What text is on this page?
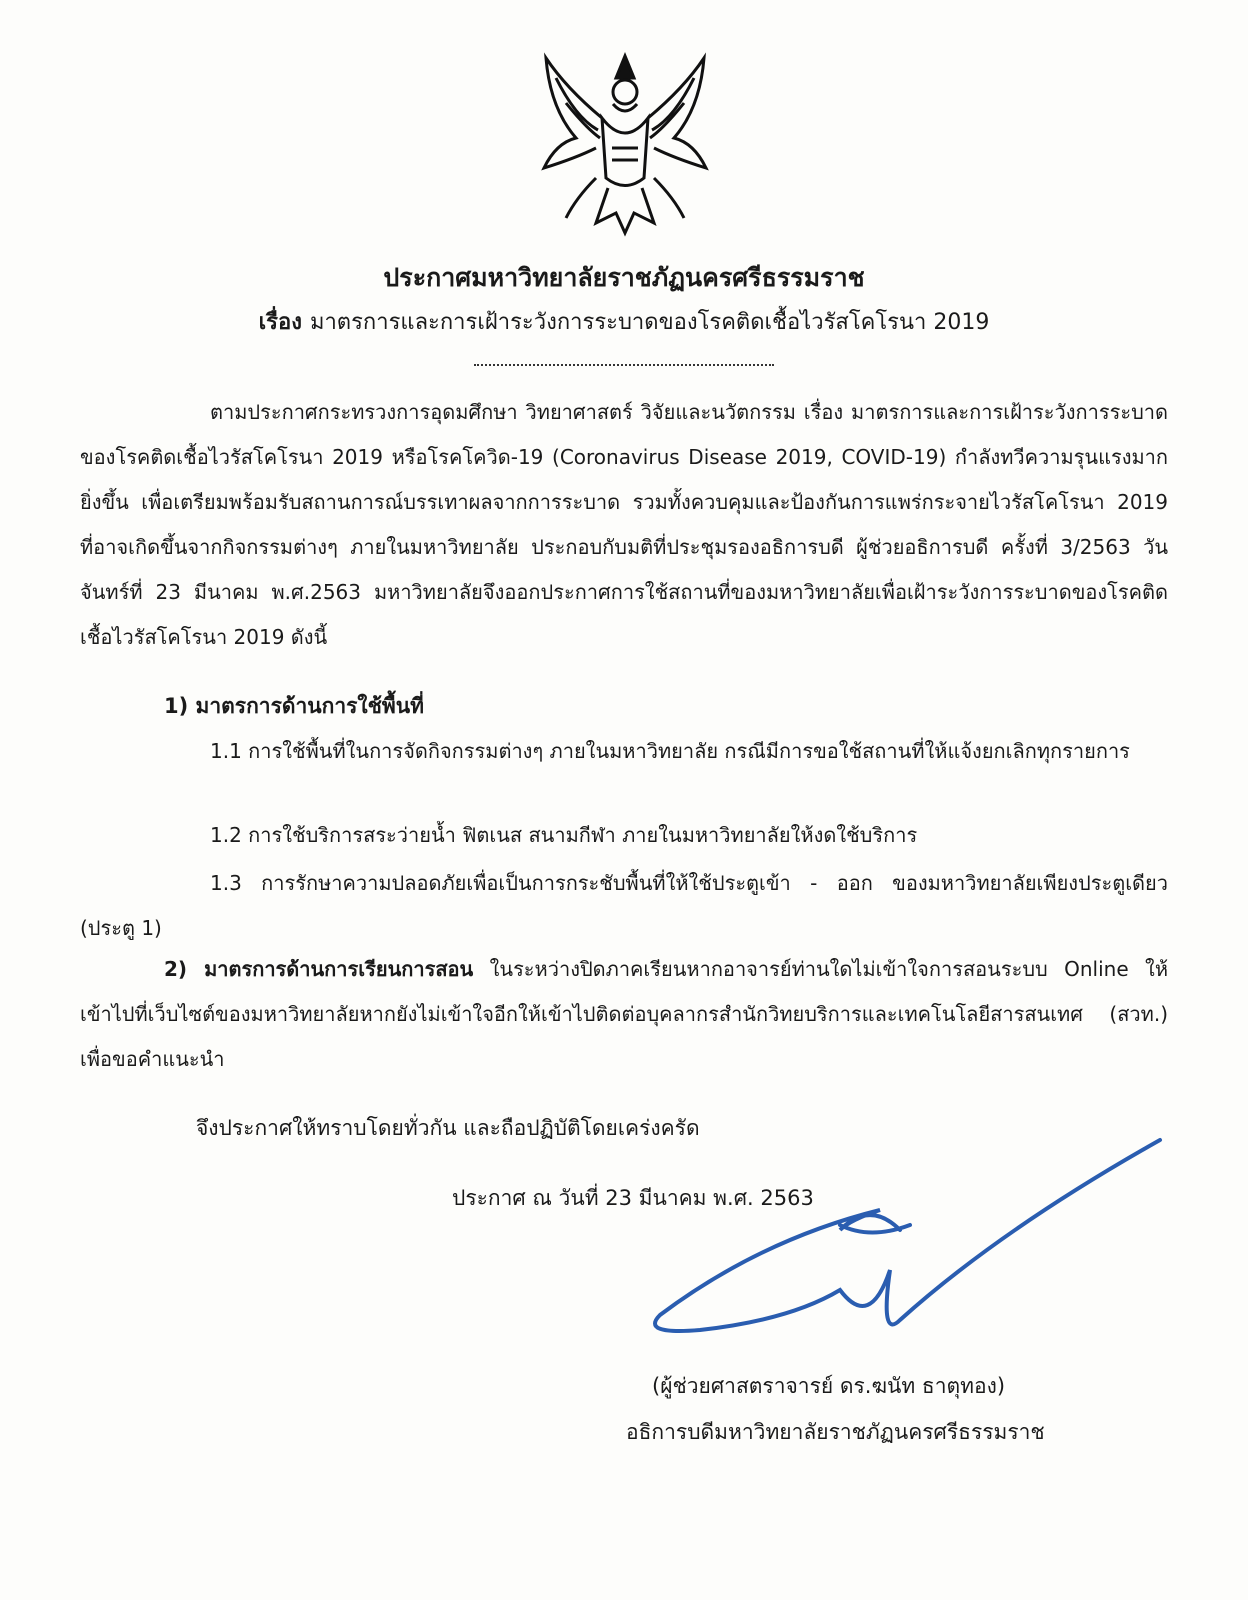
ประกาศมหาวิทยาลัยราชภัฏนครศรีธรรมราช
เรื่อง มาตรการและการเฝ้าระวังการระบาดของโรคติดเชื้อไวรัสโคโรนา 2019
ตามประกาศกระทรวงการอุดมศึกษา วิทยาศาสตร์ วิจัยและนวัตกรรม เรื่อง มาตรการและการเฝ้าระวังการระบาดของโรคติดเชื้อไวรัสโคโรนา 2019 หรือโรคโควิด-19 (Coronavirus Disease 2019, COVID-19) กำลังทวีความรุนแรงมากยิ่งขึ้น เพื่อเตรียมพร้อมรับสถานการณ์บรรเทาผลจากการระบาด รวมทั้งควบคุมและป้องกันการแพร่กระจายไวรัสโคโรนา 2019 ที่อาจเกิดขึ้นจากกิจกรรมต่างๆ ภายในมหาวิทยาลัย ประกอบกับมติที่ประชุมรองอธิการบดี ผู้ช่วยอธิการบดี ครั้งที่ 3/2563 วันจันทร์ที่ 23 มีนาคม พ.ศ.2563 มหาวิทยาลัยจึงออกประกาศการใช้สถานที่ของมหาวิทยาลัยเพื่อเฝ้าระวังการระบาดของโรคติดเชื้อไวรัสโคโรนา 2019 ดังนี้
1) มาตรการด้านการใช้พื้นที่
1.1 การใช้พื้นที่ในการจัดกิจกรรมต่างๆ ภายในมหาวิทยาลัย กรณีมีการขอใช้สถานที่ให้แจ้งยกเลิกทุกรายการ
1.2 การใช้บริการสระว่ายน้ำ ฟิตเนส สนามกีฬา ภายในมหาวิทยาลัยให้งดใช้บริการ
1.3 การรักษาความปลอดภัยเพื่อเป็นการกระชับพื้นที่ให้ใช้ประตูเข้า - ออก ของมหาวิทยาลัยเพียงประตูเดียว (ประตู 1)
2) มาตรการด้านการเรียนการสอน ในระหว่างปิดภาคเรียนหากอาจารย์ท่านใดไม่เข้าใจการสอนระบบ Online ให้เข้าไปที่เว็บไซต์ของมหาวิทยาลัยหากยังไม่เข้าใจอีกให้เข้าไปติดต่อบุคลากรสำนักวิทยบริการและเทคโนโลยีสารสนเทศ (สวท.) เพื่อขอคำแนะนำ
จึงประกาศให้ทราบโดยทั่วกัน และถือปฏิบัติโดยเคร่งครัด
ประกาศ ณ วันที่ 23 มีนาคม พ.ศ. 2563
(ผู้ช่วยศาสตราจารย์ ดร.ฆนัท ธาตุทอง)
อธิการบดีมหาวิทยาลัยราชภัฏนครศรีธรรมราช
